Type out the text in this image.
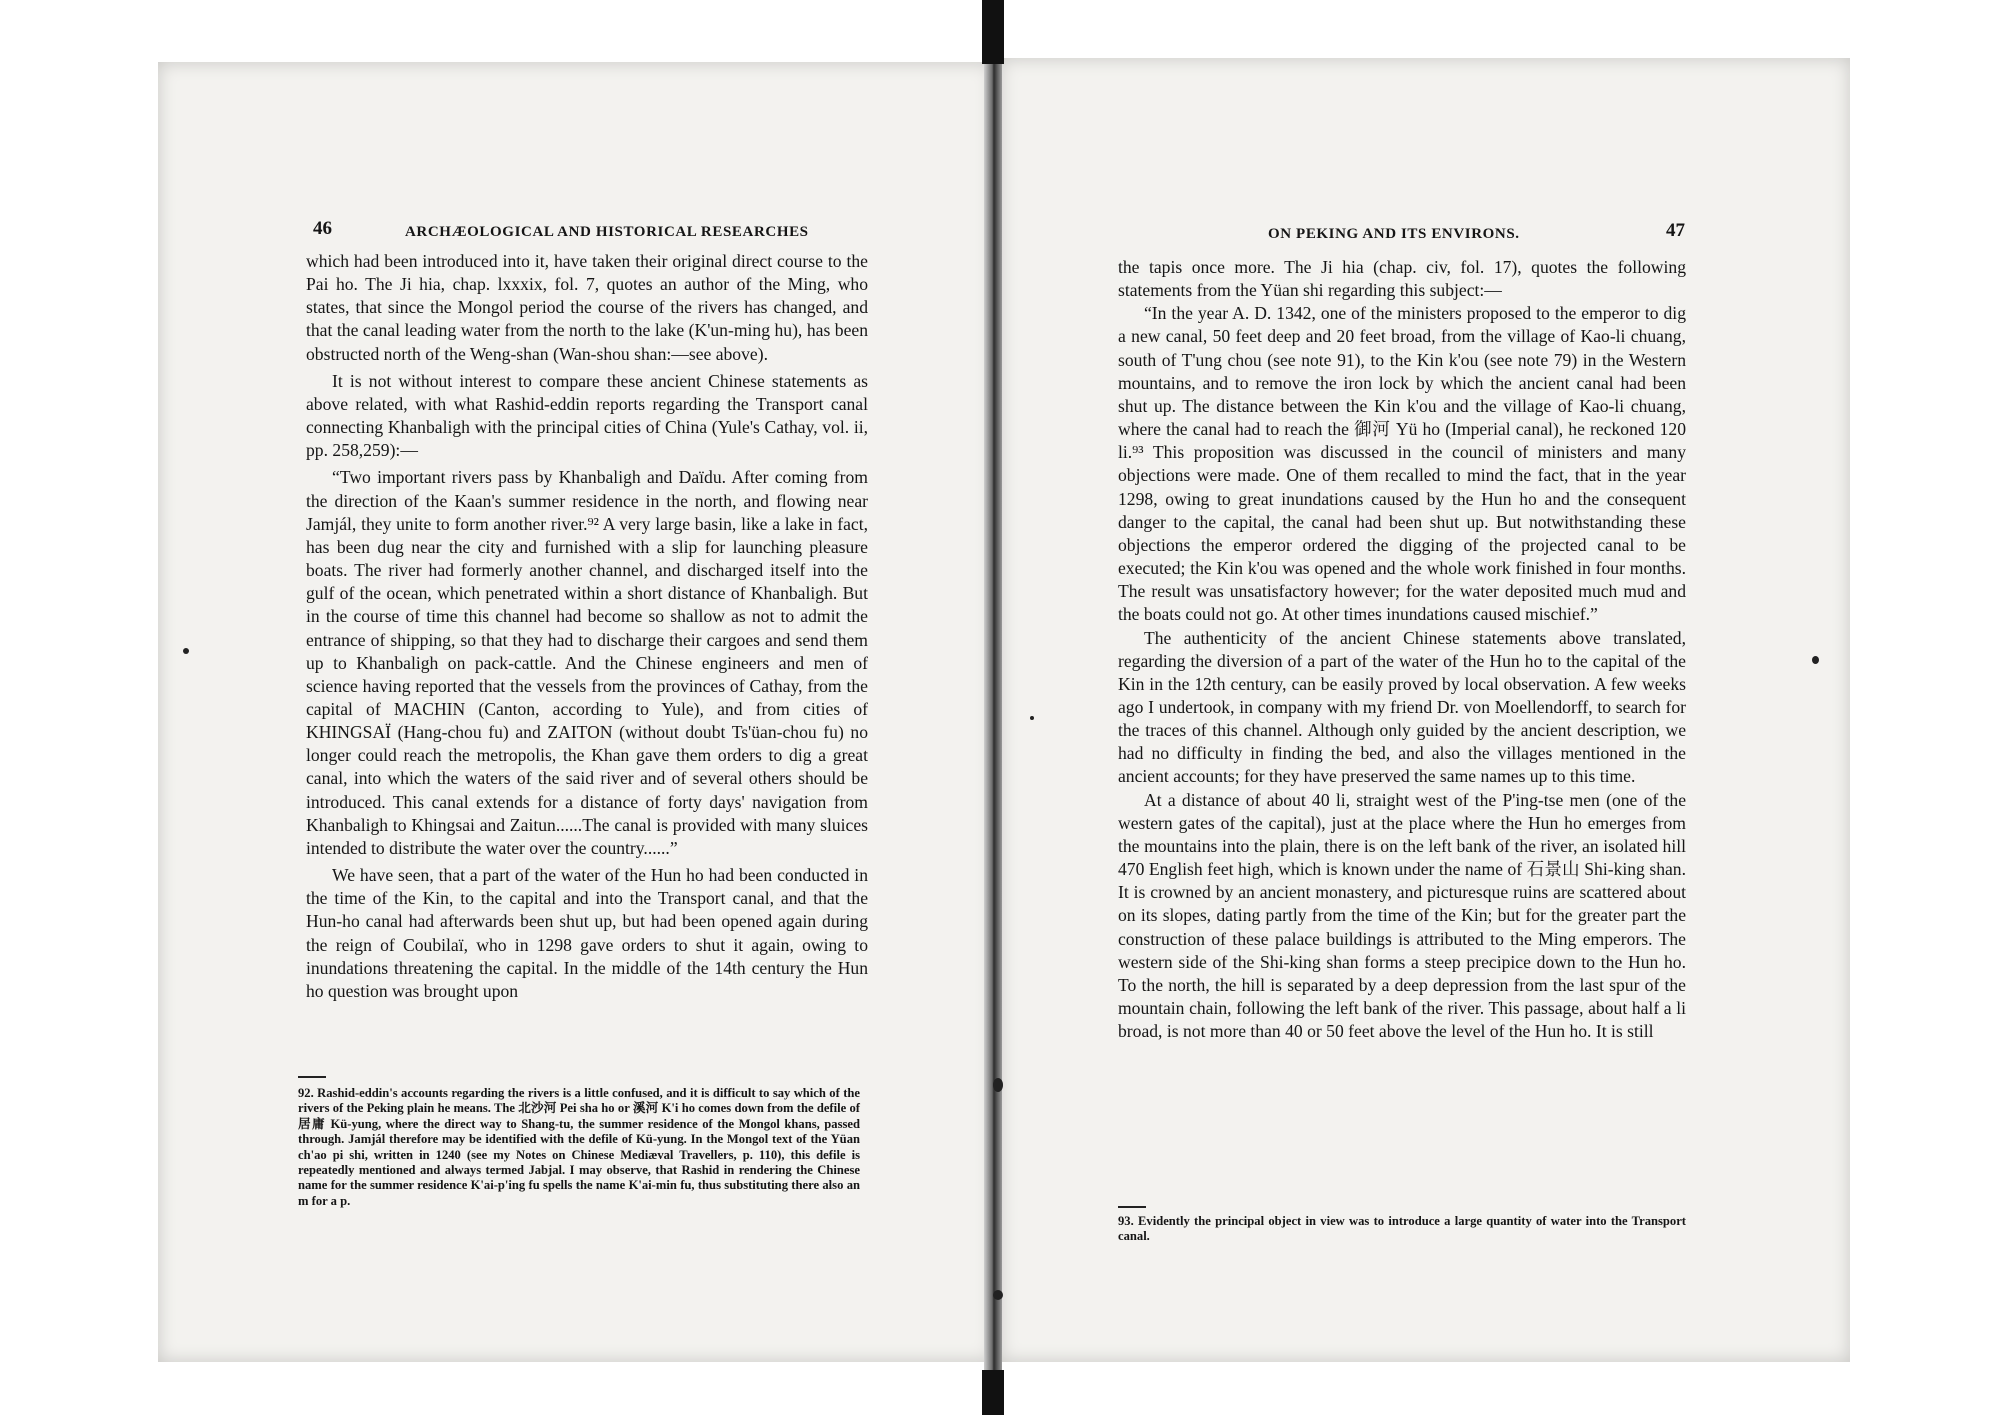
46	ARCHÆOLOGICAL AND HISTORICAL RESEARCHES

which had been introduced into it, have taken their original direct course to the Pai ho. The Ji hia, chap. lxxxix, fol. 7, quotes an author of the Ming, who states, that since the Mongol period the course of the rivers has changed, and that the canal leading water from the north to the lake (K'un-ming hu), has been obstructed north of the Weng-shan (Wan-shou shan:—see above).

It is not without interest to compare these ancient Chinese statements as above related, with what Rashid-eddin reports regarding the Transport canal connecting Khanbaligh with the principal cities of China (Yule's Cathay, vol. ii, pp. 258,259):—

“Two important rivers pass by Khanbaligh and Daïdu. After coming from the direction of the Kaan's summer residence in the north, and flowing near Jamjál, they unite to form another river.⁹² A very large basin, like a lake in fact, has been dug near the city and furnished with a slip for launching pleasure boats. The river had formerly another channel, and discharged itself into the gulf of the ocean, which penetrated within a short distance of Khanbaligh. But in the course of time this channel had become so shallow as not to admit the entrance of shipping, so that they had to discharge their cargoes and send them up to Khanbaligh on pack-cattle. And the Chinese engineers and men of science having reported that the vessels from the provinces of Cathay, from the capital of MACHIN (Canton, according to Yule), and from cities of KHINGSAÏ (Hang-chou fu) and ZAITON (without doubt Ts'üan-chou fu) no longer could reach the metropolis, the Khan gave them orders to dig a great canal, into which the waters of the said river and of several others should be introduced. This canal extends for a distance of forty days' navigation from Khanbaligh to Khingsai and Zaitun......The canal is provided with many sluices intended to distribute the water over the country......”

We have seen, that a part of the water of the Hun ho had been conducted in the time of the Kin, to the capital and into the Transport canal, and that the Hun-ho canal had afterwards been shut up, but had been opened again during the reign of Coubilaï, who in 1298 gave orders to shut it again, owing to inundations threatening the capital. In the middle of the 14th century the Hun ho question was brought upon

92. Rashid-eddin's accounts regarding the rivers is a little confused, and it is difficult to say which of the rivers of the Peking plain he means. The 北沙河 Pei sha ho or 溪河 K'i ho comes down from the defile of 居庸 Kü-yung, where the direct way to Shang-tu, the summer residence of the Mongol khans, passed through. Jamjál therefore may be identified with the defile of Kü-yung. In the Mongol text of the Yüan ch'ao pi shi, written in 1240 (see my Notes on Chinese Mediæval Travellers, p. 110), this defile is repeatedly mentioned and always termed Jabjal. I may observe, that Rashid in rendering the Chinese name for the summer residence K'ai-p'ing fu spells the name K'ai-min fu, thus substituting there also an m for a p.

ON PEKING AND ITS ENVIRONS.	47

the tapis once more. The Ji hia (chap. civ, fol. 17), quotes the following statements from the Yüan shi regarding this subject:—

“In the year A. D. 1342, one of the ministers proposed to the emperor to dig a new canal, 50 feet deep and 20 feet broad, from the village of Kao-li chuang, south of T'ung chou (see note 91), to the Kin k'ou (see note 79) in the Western mountains, and to remove the iron lock by which the ancient canal had been shut up. The distance between the Kin k'ou and the village of Kao-li chuang, where the canal had to reach the 御河 Yü ho (Imperial canal), he reckoned 120 li.⁹³ This proposition was discussed in the council of ministers and many objections were made. One of them recalled to mind the fact, that in the year 1298, owing to great inundations caused by the Hun ho and the consequent danger to the capital, the canal had been shut up. But notwithstanding these objections the emperor ordered the digging of the projected canal to be executed; the Kin k'ou was opened and the whole work finished in four months. The result was unsatisfactory however; for the water deposited much mud and the boats could not go. At other times inundations caused mischief.”

The authenticity of the ancient Chinese statements above translated, regarding the diversion of a part of the water of the Hun ho to the capital of the Kin in the 12th century, can be easily proved by local observation. A few weeks ago I undertook, in company with my friend Dr. von Moellendorff, to search for the traces of this channel. Although only guided by the ancient description, we had no difficulty in finding the bed, and also the villages mentioned in the ancient accounts; for they have preserved the same names up to this time.

At a distance of about 40 li, straight west of the P'ing-tse men (one of the western gates of the capital), just at the place where the Hun ho emerges from the mountains into the plain, there is on the left bank of the river, an isolated hill 470 English feet high, which is known under the name of 石景山 Shi-king shan. It is crowned by an ancient monastery, and picturesque ruins are scattered about on its slopes, dating partly from the time of the Kin; but for the greater part the construction of these palace buildings is attributed to the Ming emperors. The western side of the Shi-king shan forms a steep precipice down to the Hun ho. To the north, the hill is separated by a deep depression from the last spur of the mountain chain, following the left bank of the river. This passage, about half a li broad, is not more than 40 or 50 feet above the level of the Hun ho. It is still

93. Evidently the principal object in view was to introduce a large quantity of water into the Transport canal.
